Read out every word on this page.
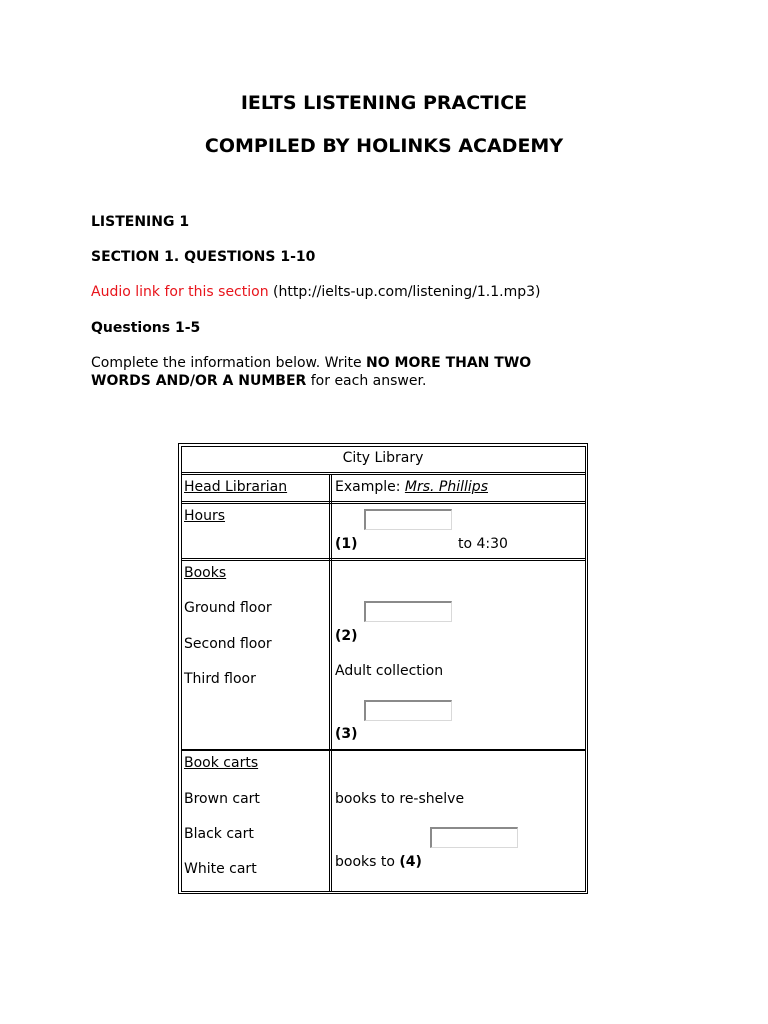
IELTS LISTENING PRACTICE
COMPILED BY HOLINKS ACADEMY
LISTENING 1
SECTION 1. QUESTIONS 1-10
Audio link for this section (http://ielts-up.com/listening/1.1.mp3)
Questions 1-5
Complete the information below. Write NO MORE THAN TWO
WORDS AND/OR A NUMBER for each answer.
City Library
Head Librarian	Example: Mrs. Phillips
Hours
(1)	to 4:30
Books
Ground floor
Second floor
Third floor
(2)
Adult collection
(3)
Book carts
Brown cart
Black cart
White cart
books to re-shelve
books to (4)
